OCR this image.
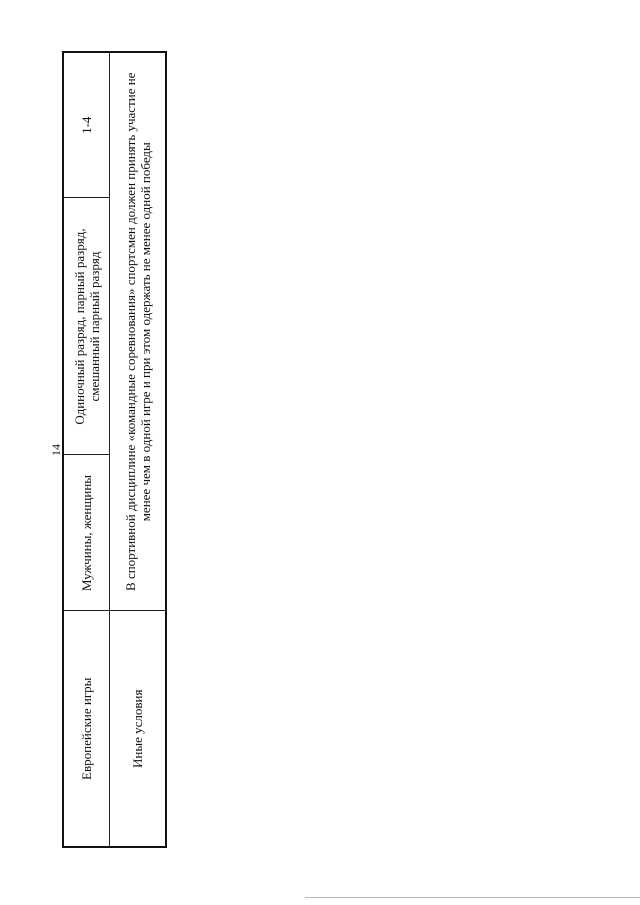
14
Европейские игры	Мужчины, женщины	Одиночный разряд, парный разряд, смешанный парный разряд	1-4
Иные условия	В спортивной дисциплине «командные соревнования» спортсмен должен принять участие не менее чем в одной игре и при этом одержать не менее одной победы		
